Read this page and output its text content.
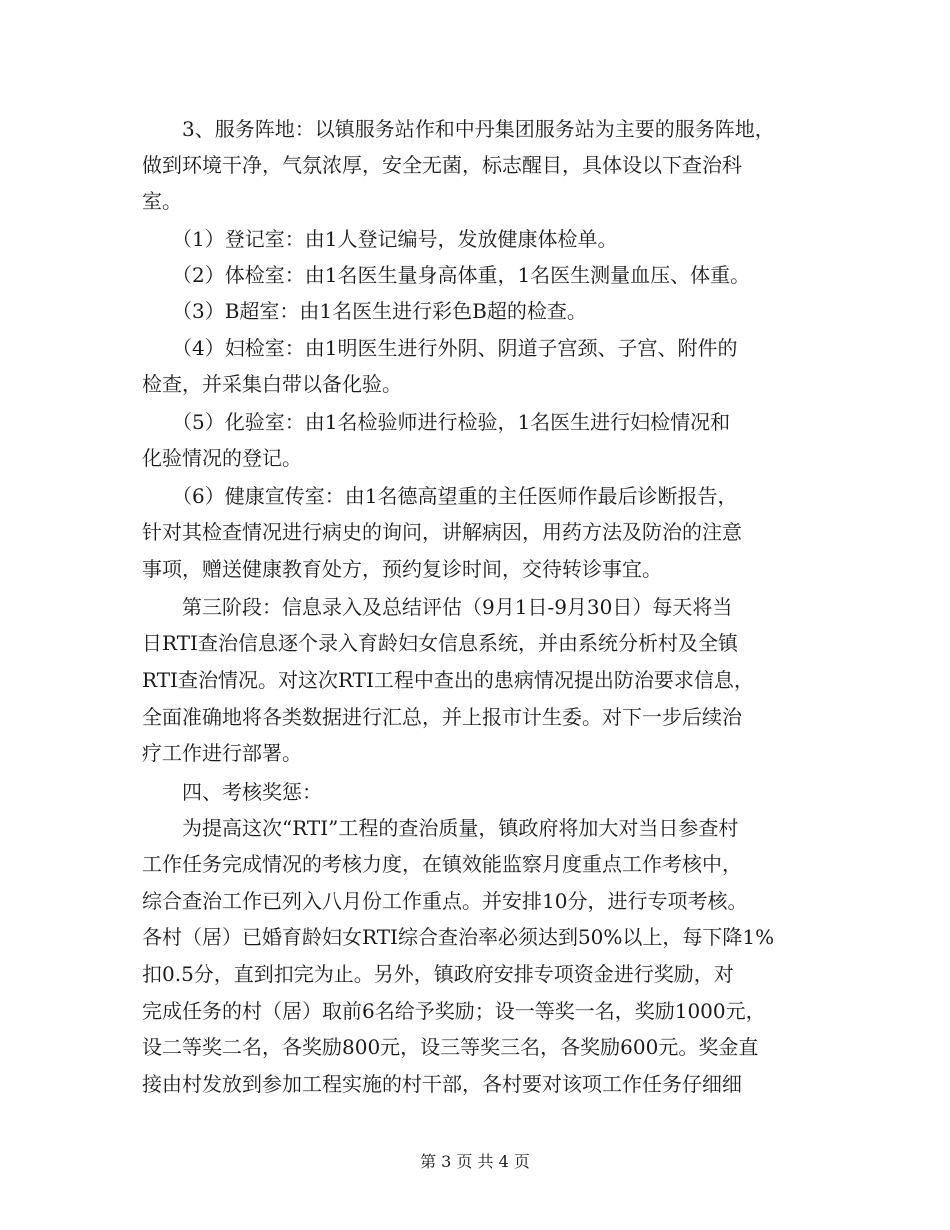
　　3、服务阵地：以镇服务站作和中丹集团服务站为主要的服务阵地，
做到环境干净，气氛浓厚，安全无菌，标志醒目，具体设以下查治科
室。
　　（1）登记室：由1人登记编号，发放健康体检单。
　　（2）体检室：由1名医生量身高体重，1名医生测量血压、体重。
　　（3）B超室：由1名医生进行彩色B超的检查。
　　（4）妇检室：由1明医生进行外阴、阴道子宫颈、子宫、附件的
检查，并采集白带以备化验。
　　（5）化验室：由1名检验师进行检验，1名医生进行妇检情况和
化验情况的登记。
　　（6）健康宣传室：由1名德高望重的主任医师作最后诊断报告，
针对其检查情况进行病史的询问，讲解病因，用药方法及防治的注意
事项，赠送健康教育处方，预约复诊时间，交待转诊事宜。
　　第三阶段：信息录入及总结评估（9月1日-9月30日）每天将当
日RTI查治信息逐个录入育龄妇女信息系统，并由系统分析村及全镇
RTI查治情况。对这次RTI工程中查出的患病情况提出防治要求信息，
全面准确地将各类数据进行汇总，并上报市计生委。对下一步后续治
疗工作进行部署。
　　四、考核奖惩：
　　为提高这次“RTI”工程的查治质量，镇政府将加大对当日参查村
工作任务完成情况的考核力度，在镇效能监察月度重点工作考核中，
综合查治工作已列入八月份工作重点。并安排10分，进行专项考核。
各村（居）已婚育龄妇女RTI综合查治率必须达到50%以上，每下降1%
扣0.5分，直到扣完为止。另外，镇政府安排专项资金进行奖励，对
完成任务的村（居）取前6名给予奖励；设一等奖一名，奖励1000元，
设二等奖二名，各奖励800元，设三等奖三名，各奖励600元。奖金直
接由村发放到参加工程实施的村干部，各村要对该项工作任务仔细细
第 3 页 共 4 页
